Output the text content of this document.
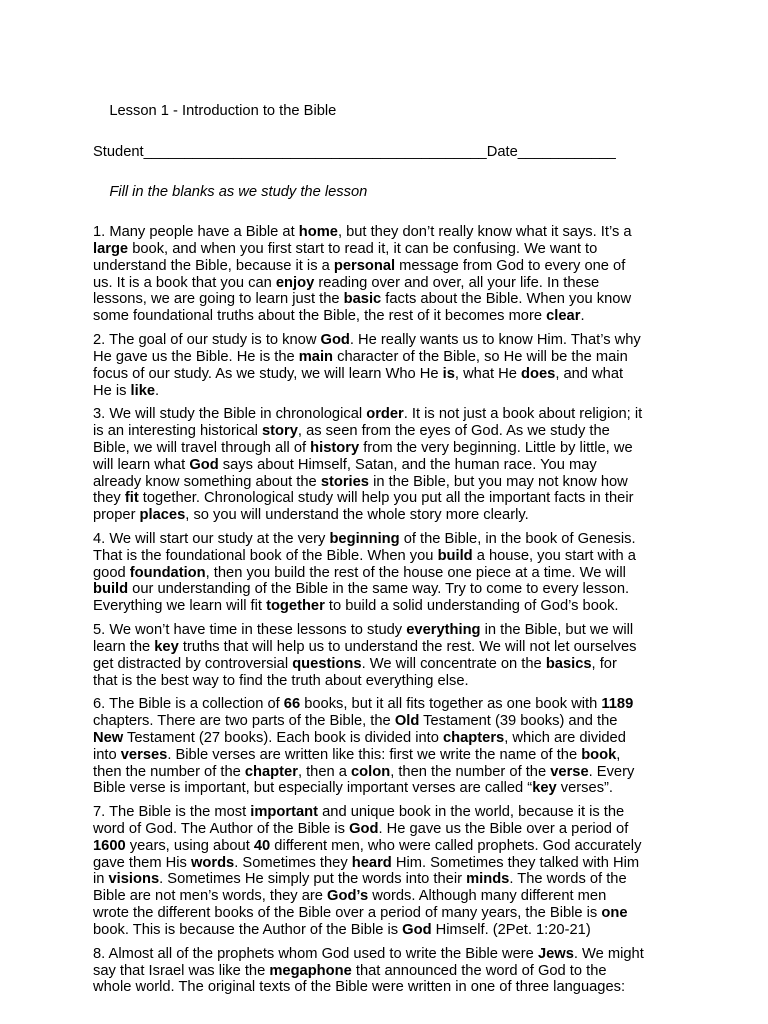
Lesson 1 - Introduction to the Bible

Student__________________________________________Date____________

Fill in the blanks as we study the lesson

1. Many people have a Bible at home, but they don’t really know what it says. It’s a
large book, and when you first start to read it, it can be confusing. We want to
understand the Bible, because it is a personal message from God to every one of
us. It is a book that you can enjoy reading over and over, all your life. In these
lessons, we are going to learn just the basic facts about the Bible. When you know
some foundational truths about the Bible, the rest of it becomes more clear.
2. The goal of our study is to know God. He really wants us to know Him. That’s why
He gave us the Bible. He is the main character of the Bible, so He will be the main
focus of our study. As we study, we will learn Who He is, what He does, and what
He is like.
3. We will study the Bible in chronological order. It is not just a book about religion; it
is an interesting historical story, as seen from the eyes of God. As we study the
Bible, we will travel through all of history from the very beginning. Little by little, we
will learn what God says about Himself, Satan, and the human race. You may
already know something about the stories in the Bible, but you may not know how
they fit together. Chronological study will help you put all the important facts in their
proper places, so you will understand the whole story more clearly.
4. We will start our study at the very beginning of the Bible, in the book of Genesis.
That is the foundational book of the Bible. When you build a house, you start with a
good foundation, then you build the rest of the house one piece at a time. We will
build our understanding of the Bible in the same way. Try to come to every lesson.
Everything we learn will fit together to build a solid understanding of God’s book.
5. We won’t have time in these lessons to study everything in the Bible, but we will
learn the key truths that will help us to understand the rest. We will not let ourselves
get distracted by controversial questions. We will concentrate on the basics, for
that is the best way to find the truth about everything else.
6. The Bible is a collection of 66 books, but it all fits together as one book with 1189
chapters. There are two parts of the Bible, the Old Testament (39 books) and the
New Testament (27 books). Each book is divided into chapters, which are divided
into verses. Bible verses are written like this: first we write the name of the book,
then the number of the chapter, then a colon, then the number of the verse. Every
Bible verse is important, but especially important verses are called “key verses”.
7. The Bible is the most important and unique book in the world, because it is the
word of God. The Author of the Bible is God. He gave us the Bible over a period of
1600 years, using about 40 different men, who were called prophets. God accurately
gave them His words. Sometimes they heard Him. Sometimes they talked with Him
in visions. Sometimes He simply put the words into their minds. The words of the
Bible are not men’s words, they are God’s words. Although many different men
wrote the different books of the Bible over a period of many years, the Bible is one
book. This is because the Author of the Bible is God Himself. (2Pet. 1:20-21)
8. Almost all of the prophets whom God used to write the Bible were Jews. We might
say that Israel was like the megaphone that announced the word of God to the
whole world. The original texts of the Bible were written in one of three languages:
